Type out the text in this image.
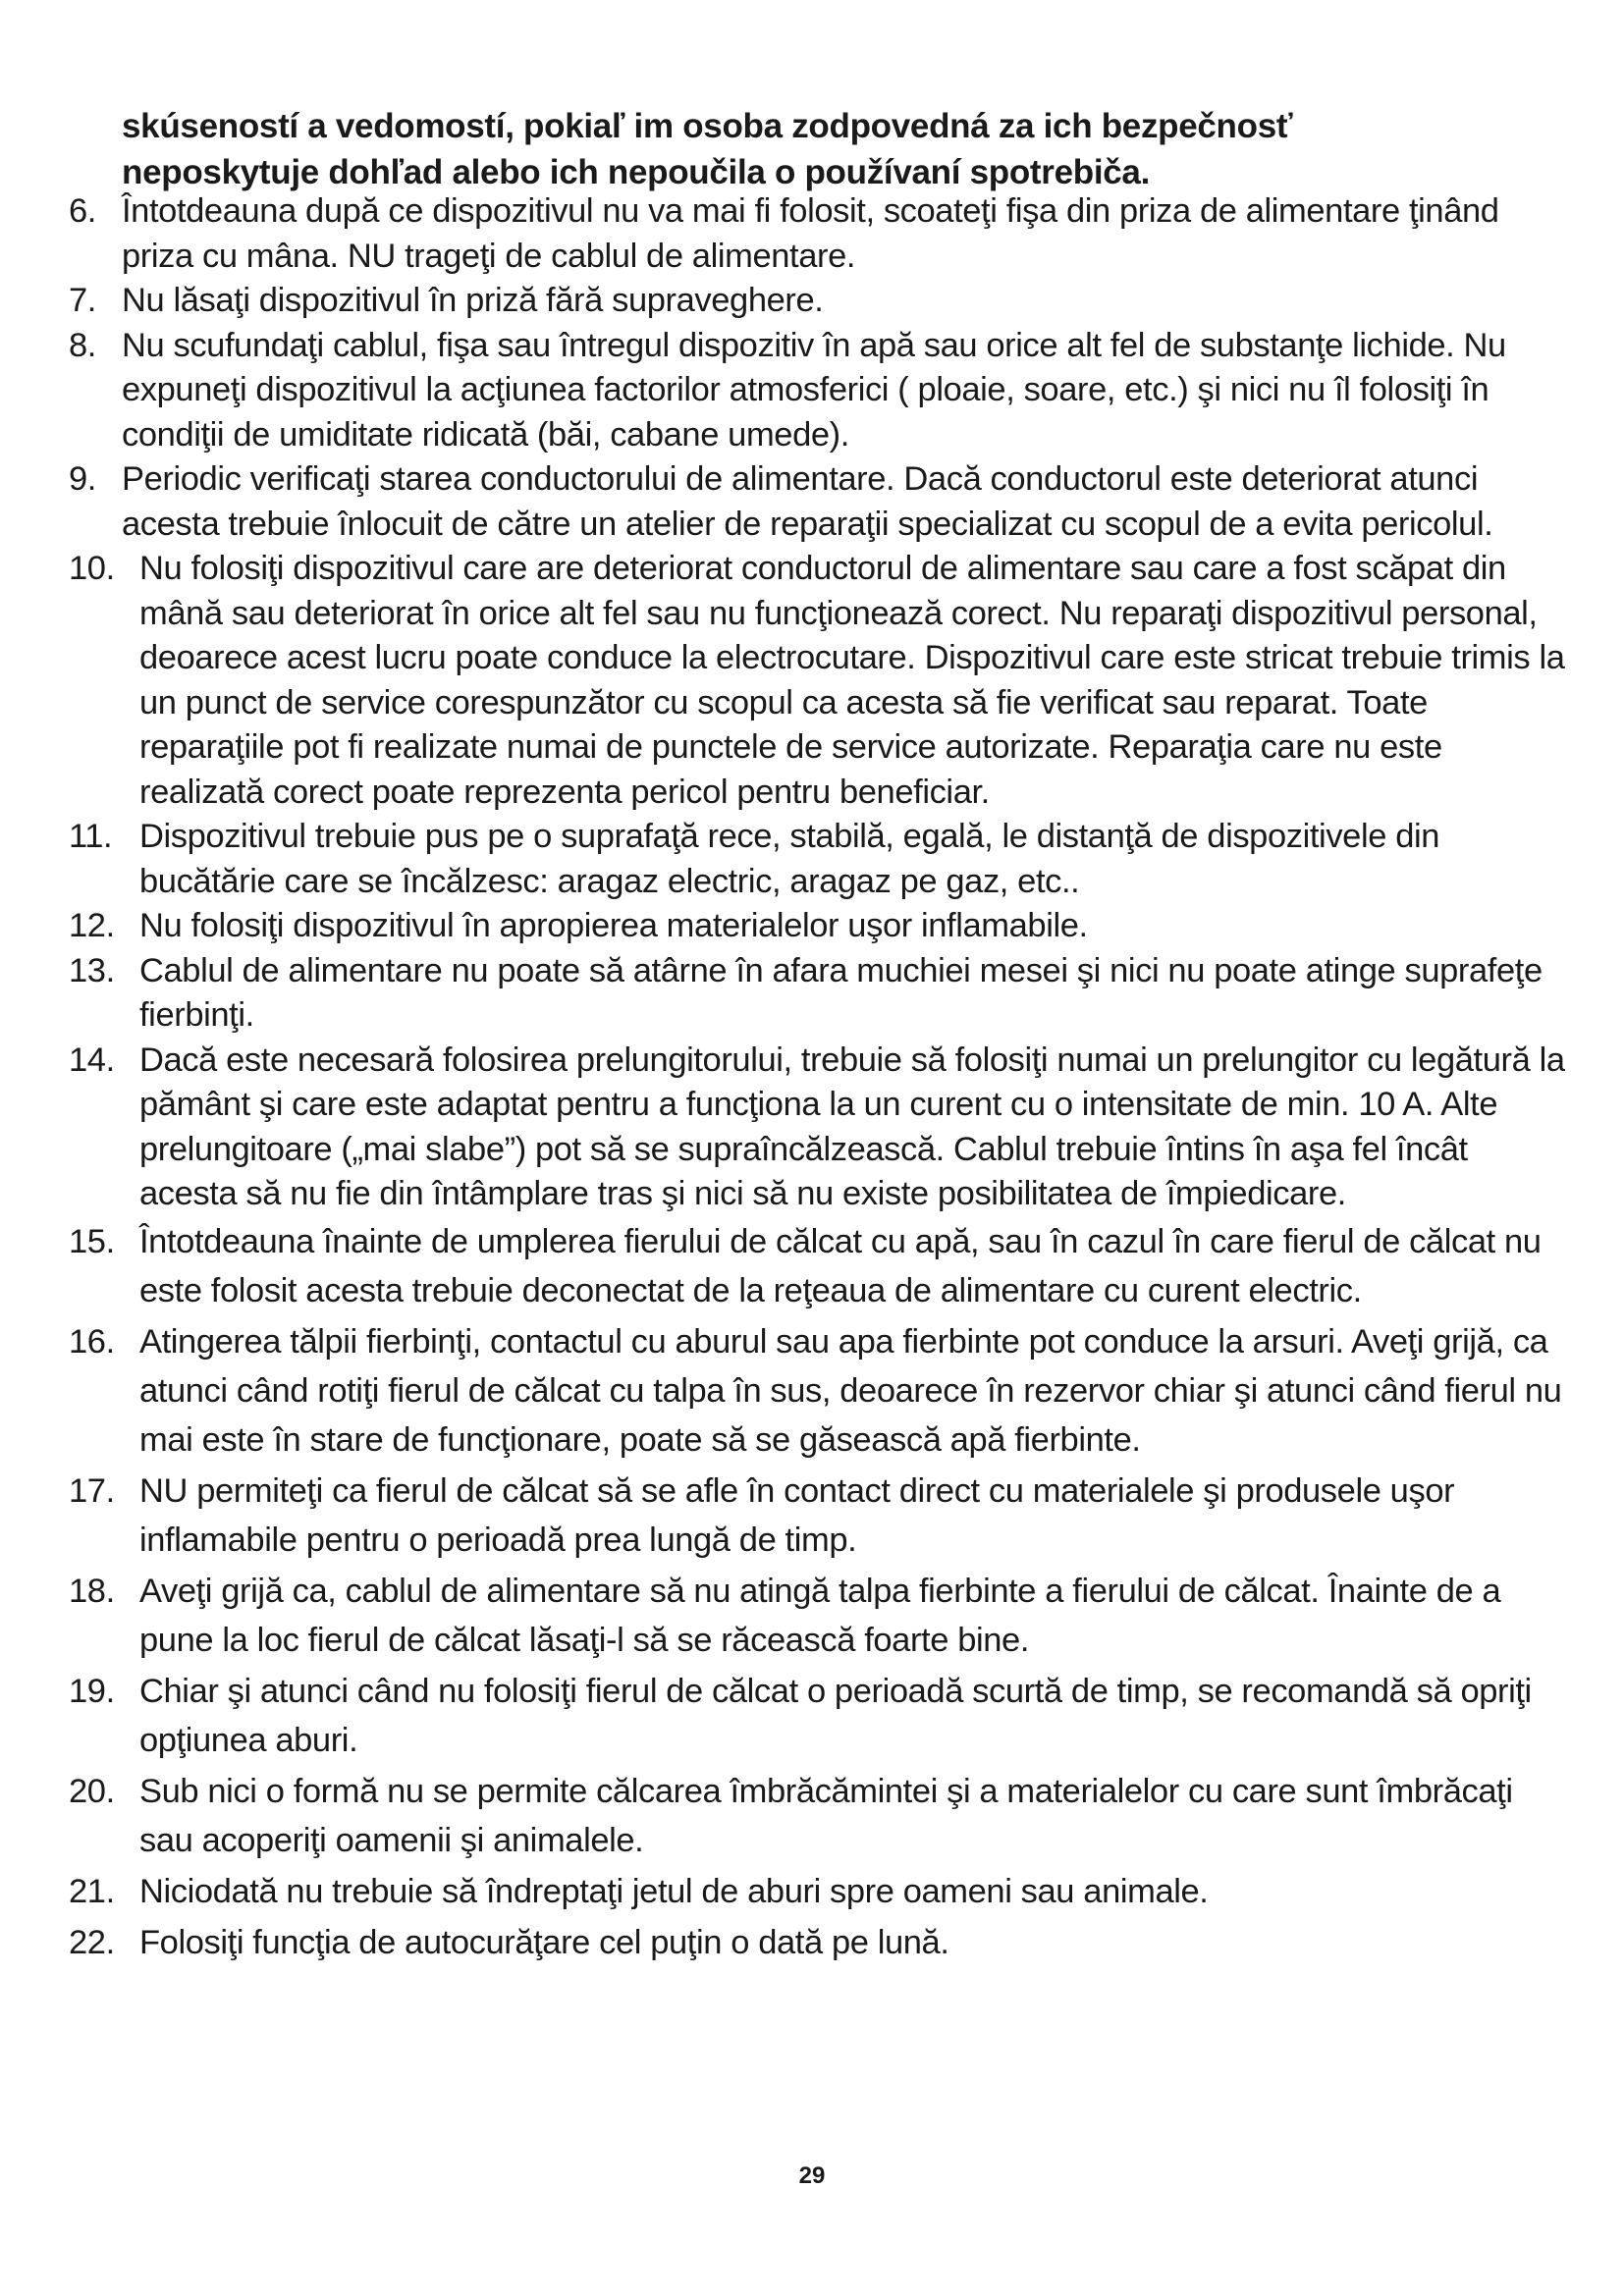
skúseností a vedomostí, pokiaľ im osoba zodpovedná za ich bezpečnosť

neposkytuje dohľad alebo ich nepoučila o používaní spotrebiča.

6. Întotdeauna după ce dispozitivul nu va mai fi folosit, scoateţi fişa din priza de alimentare ţinând priza cu mâna. NU trageţi de cablul de alimentare.
7. Nu lăsaţi dispozitivul în priză fără supraveghere.
8. Nu scufundaţi cablul, fişa sau întregul dispozitiv în apă sau orice alt fel de substanţe lichide. Nu expuneţi dispozitivul la acţiunea factorilor atmosferici ( ploaie, soare, etc.) şi nici nu îl folosiţi în condiţii de umiditate ridicată (băi, cabane umede).
9. Periodic verificaţi starea conductorului de alimentare. Dacă conductorul este deteriorat atunci acesta trebuie înlocuit de către un atelier de reparaţii specializat cu scopul de a evita pericolul.
10. Nu folosiţi dispozitivul care are deteriorat conductorul de alimentare sau care a fost scăpat din mână sau deteriorat în orice alt fel sau nu funcţionează corect. Nu reparaţi dispozitivul personal, deoarece acest lucru poate conduce la electrocutare. Dispozitivul care este stricat trebuie trimis la un punct de service corespunzător cu scopul ca acesta să fie verificat sau reparat. Toate reparaţiile pot fi realizate numai de punctele de service autorizate. Reparaţia care nu este realizată corect poate reprezenta pericol pentru beneficiar.
11. Dispozitivul trebuie pus pe o suprafaţă rece, stabilă, egală, le distanţă de dispozitivele din bucătărie care se încălzesc: aragaz electric, aragaz pe gaz, etc..
12. Nu folosiţi dispozitivul în apropierea materialelor uşor inflamabile.
13. Cablul de alimentare nu poate să atârne în afara muchiei mesei şi nici nu poate atinge suprafeţe fierbinţi.
14. Dacă este necesară folosirea prelungitorului, trebuie să folosiţi numai un prelungitor cu legătură la pământ şi care este adaptat pentru a funcţiona la un curent cu o intensitate de min. 10 A. Alte prelungitoare („mai slabe”) pot să se supraîncălzească. Cablul trebuie întins în aşa fel încât acesta să nu fie din întâmplare tras şi nici să nu existe posibilitatea de împiedicare.
15. Întotdeauna înainte de umplerea fierului de călcat cu apă, sau în cazul în care fierul de călcat nu este folosit acesta trebuie deconectat de la reţeaua de alimentare cu curent electric.
16. Atingerea tălpii fierbinţi, contactul cu aburul sau apa fierbinte pot conduce la arsuri. Aveţi grijă, ca atunci când rotiţi fierul de călcat cu talpa în sus, deoarece în rezervor chiar şi atunci când fierul nu mai este în stare de funcţionare, poate să se găsească apă fierbinte.
17. NU permiteţi ca fierul de călcat să se afle în contact direct cu materialele şi produsele uşor inflamabile pentru o perioadă prea lungă de timp.
18. Aveţi grijă ca, cablul de alimentare să nu atingă talpa fierbinte a fierului de călcat. Înainte de a pune la loc fierul de călcat lăsaţi-l să se răcească foarte bine.
19. Chiar şi atunci când nu folosiţi fierul de călcat o perioadă scurtă de timp, se recomandă să opriţi opţiunea aburi.
20. Sub nici o formă nu se permite călcarea îmbrăcămintei şi a materialelor cu care sunt îmbrăcaţi sau acoperiţi oamenii şi animalele.
21. Niciodată nu trebuie să îndreptaţi jetul de aburi spre oameni sau animale.
22. Folosiţi funcţia de autocurăţare cel puţin o dată pe lună.
29
